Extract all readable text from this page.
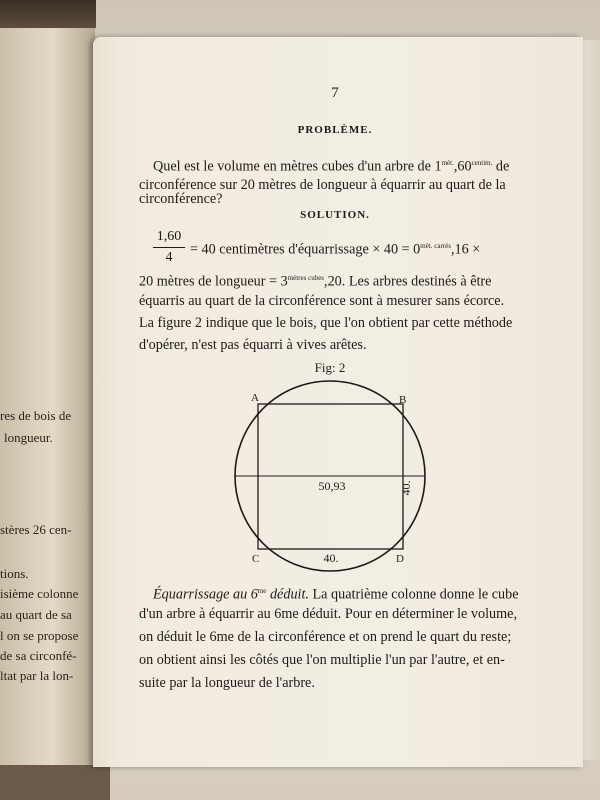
res de bois de
longueur.
stères 26 cen-
tions.
isième colonne
au quart de sa
l on se propose
de sa circonfé-
ltat par la lon-
7
PROBLÈME.
Quel est le volume en mètres cubes d'un arbre de $1^{mèt.},60^{centim.}$ de
circonférence sur 20 mètres de longueur à équarrir au quart de la
circonférence?
SOLUTION.
1,60
4	= 40 centimètres d'équarrissage × $40 = 0^{mèt. carrés},16$ ×
20 mètres de longueur = $3^{mètres cubes},20$. Les arbres destinés à être
équarris au quart de la circonférence sont à mesurer sans écorce.
La figure 2 indique que le bois, que l'on obtient par cette méthode
d'opérer, n'est pas équarri à vives arêtes.
Fig: 2
A	B
C	D
50,93
40.
40.
Équarrissage au $6^{me}$ déduit. La quatrième colonne donne le cube
d'un arbre à équarrir au 6me déduit. Pour en déterminer le volume,
on déduit le 6me de la circonférence et on prend le quart du reste;
on obtient ainsi les côtés que l'on multiplie l'un par l'autre, et en-
suite par la longueur de l'arbre.
